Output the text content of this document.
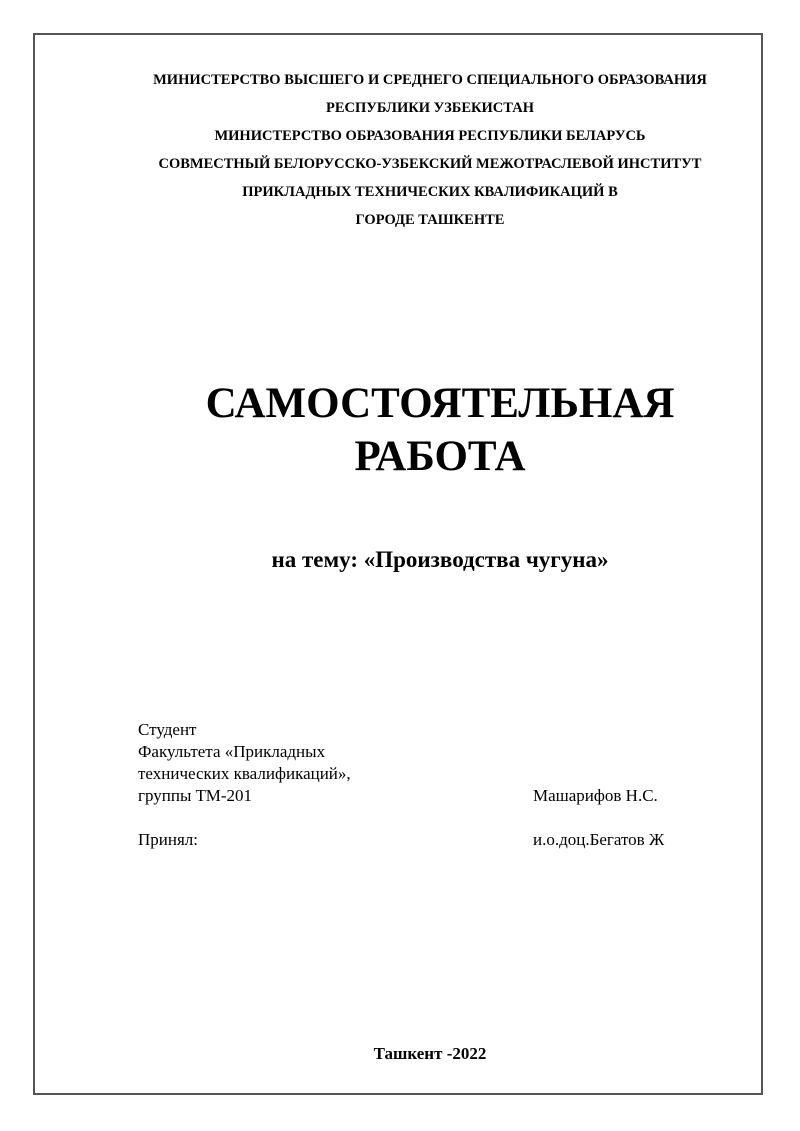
МИНИСТЕРСТВО ВЫСШЕГО И СРЕДНЕГО СПЕЦИАЛЬНОГО ОБРАЗОВАНИЯ
РЕСПУБЛИКИ УЗБЕКИСТАН
МИНИСТЕРСТВО ОБРАЗОВАНИЯ РЕСПУБЛИКИ БЕЛАРУСЬ
СОВМЕСТНЫЙ БЕЛОРУССКО-УЗБЕКСКИЙ МЕЖОТРАСЛЕВОЙ ИНСТИТУТ
ПРИКЛАДНЫХ ТЕХНИЧЕСКИХ КВАЛИФИКАЦИЙ В
ГОРОДЕ ТАШКЕНТЕ
САМОСТОЯТЕЛЬНАЯ
РАБОТА
на тему: «Производства чугуна»
Студент
Факультета «Прикладных
технических квалификаций»,
группы ТМ-201	Машарифов Н.С.
Принял:	и.о.доц.Бегатов Ж
Ташкент -2022
